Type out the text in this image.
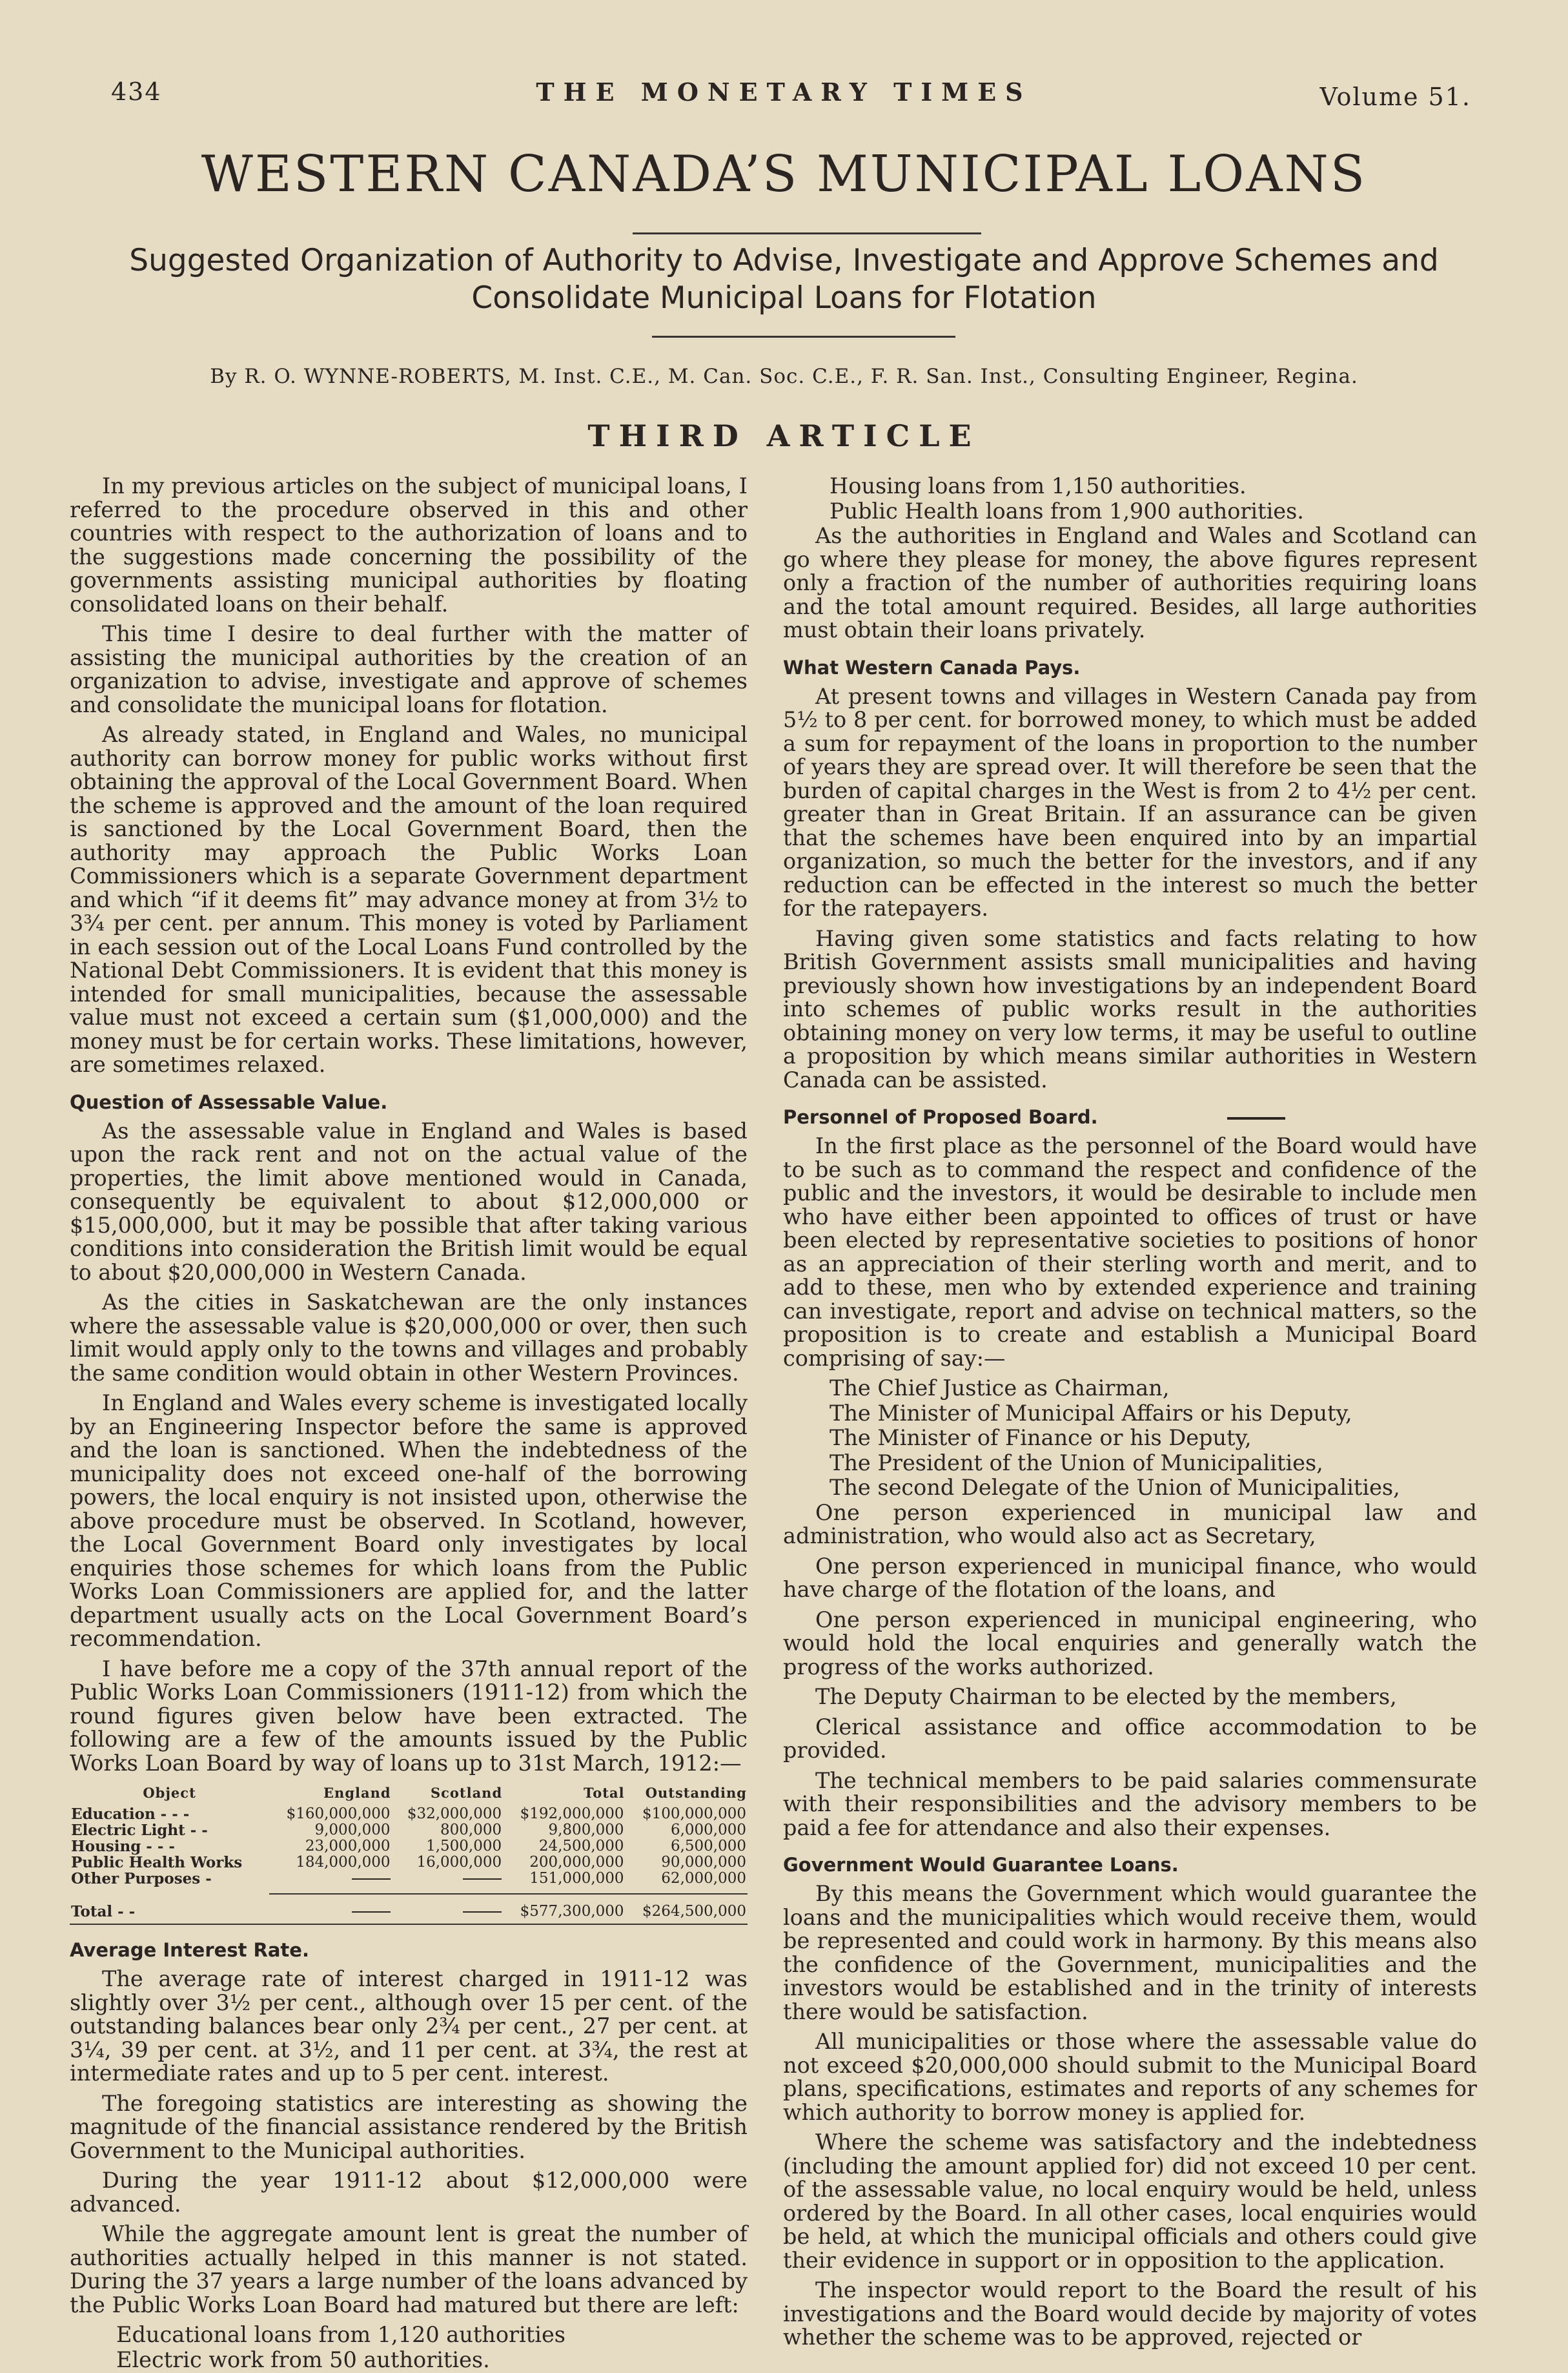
434	THE MONETARY TIMES	Volume 51.
WESTERN CANADA’S MUNICIPAL LOANS
Suggested Organization of Authority to Advise, Investigate and Approve Schemes and
Consolidate Municipal Loans for Flotation
By R. O. WYNNE-ROBERTS, M. Inst. C.E., M. Can. Soc. C.E., F. R. San. Inst., Consulting Engineer, Regina.
THIRD ARTICLE

In my previous articles on the subject of municipal loans, I referred to the procedure observed in this and other countries with respect to the authorization of loans and to the suggestions made concerning the possibility of the governments assisting municipal authorities by floating consolidated loans on their behalf.

This time I desire to deal further with the matter of assisting the municipal authorities by the creation of an organization to advise, investigate and approve of schemes and consolidate the municipal loans for flotation.

As already stated, in England and Wales, no municipal authority can borrow money for public works without first obtaining the approval of the Local Government Board. When the scheme is approved and the amount of the loan required is sanctioned by the Local Government Board, then the authority may approach the Public Works Loan Commissioners which is a separate Government department and which “if it deems fit” may advance money at from 3½ to 3¾ per cent. per annum. This money is voted by Parliament in each session out of the Local Loans Fund controlled by the National Debt Commissioners. It is evident that this money is intended for small municipalities, because the assessable value must not exceed a certain sum ($1,000,000) and the money must be for certain works. These limitations, however, are sometimes relaxed.

Question of Assessable Value.

As the assessable value in England and Wales is based upon the rack rent and not on the actual value of the properties, the limit above mentioned would in Canada, consequently be equivalent to about $12,000,000 or $15,000,000, but it may be possible that after taking various conditions into consideration the British limit would be equal to about $20,000,000 in Western Canada.

As the cities in Saskatchewan are the only instances where the assessable value is $20,000,000 or over, then such limit would apply only to the towns and villages and probably the same condition would obtain in other Western Provinces.

In England and Wales every scheme is investigated locally by an Engineering Inspector before the same is approved and the loan is sanctioned. When the indebtedness of the municipality does not exceed one-half of the borrowing powers, the local enquiry is not insisted upon, otherwise the above procedure must be observed. In Scotland, however, the Local Government Board only investigates by local enquiries those schemes for which loans from the Public Works Loan Commissioners are applied for, and the latter department usually acts on the Local Government Board’s recommendation.

I have before me a copy of the 37th annual report of the Public Works Loan Commissioners (1911-12) from which the round figures given below have been extracted. The following are a few of the amounts issued by the Public Works Loan Board by way of loans up to 31st March, 1912:—

Object	England	Scotland	Total	Outstanding
Education - - -	$160,000,000	$32,000,000	$192,000,000	$100,000,000
Electric Light - -	9,000,000	800,000	9,800,000	6,000,000
Housing - - -	23,000,000	1,500,000	24,500,000	6,500,000
Public Health Works	184,000,000	16,000,000	200,000,000	90,000,000
Other Purposes -			151,000,000	62,000,000

Total - -			$577,300,000	$264,500,000
Average Interest Rate.

The average rate of interest charged in 1911-12 was slightly over 3½ per cent., although over 15 per cent. of the outstanding balances bear only 2¾ per cent., 27 per cent. at 3¼, 39 per cent. at 3½, and 11 per cent. at 3¾, the rest at intermediate rates and up to 5 per cent. interest.

The foregoing statistics are interesting as showing the magnitude of the financial assistance rendered by the British Government to the Municipal authorities.

During the year 1911-12 about $12,000,000 were advanced.

While the aggregate amount lent is great the number of authorities actually helped in this manner is not stated. During the 37 years a large number of the loans advanced by the Public Works Loan Board had matured but there are left:

Educational loans from 1,120 authorities

Electric work from 50 authorities.

Housing loans from 1,150 authorities.

Public Health loans from 1,900 authorities.

As the authorities in England and Wales and Scotland can go where they please for money, the above figures represent only a fraction of the number of authorities requiring loans and the total amount required. Besides, all large authorities must obtain their loans privately.

What Western Canada Pays.

At present towns and villages in Western Canada pay from 5½ to 8 per cent. for borrowed money, to which must be added a sum for repayment of the loans in proportion to the number of years they are spread over. It will therefore be seen that the burden of capital charges in the West is from 2 to 4½ per cent. greater than in Great Britain. If an assurance can be given that the schemes have been enquired into by an impartial organization, so much the better for the investors, and if any reduction can be effected in the interest so much the better for the ratepayers.

Having given some statistics and facts relating to how British Government assists small municipalities and having previously shown how investigations by an independent Board into schemes of public works result in the authorities obtaining money on very low terms, it may be useful to outline a proposition by which means similar authorities in Western Canada can be assisted.

Personnel of Proposed Board.

In the first place as the personnel of the Board would have to be such as to command the respect and confidence of the public and the investors, it would be desirable to include men who have either been appointed to offices of trust or have been elected by representative societies to positions of honor as an appreciation of their sterling worth and merit, and to add to these, men who by extended experience and training can investigate, report and advise on technical matters, so the proposition is to create and establish a Municipal Board comprising of say:—

The Chief Justice as Chairman,

The Minister of Municipal Affairs or his Deputy,

The Minister of Finance or his Deputy,

The President of the Union of Municipalities,

The second Delegate of the Union of Municipalities,

One person experienced in municipal law and administration, who would also act as Secretary,

One person experienced in municipal finance, who would have charge of the flotation of the loans, and

One person experienced in municipal engineering, who would hold the local enquiries and generally watch the progress of the works authorized.

The Deputy Chairman to be elected by the members,

Clerical assistance and office accommodation to be provided.

The technical members to be paid salaries commensurate with their responsibilities and the advisory members to be paid a fee for attendance and also their expenses.

Government Would Guarantee Loans.

By this means the Government which would guarantee the loans and the municipalities which would receive them, would be represented and could work in harmony. By this means also the confidence of the Government, municipalities and the investors would be established and in the trinity of interests there would be satisfaction.

All municipalities or those where the assessable value do not exceed $20,000,000 should submit to the Municipal Board plans, specifications, estimates and reports of any schemes for which authority to borrow money is applied for.

Where the scheme was satisfactory and the indebtedness (including the amount applied for) did not exceed 10 per cent. of the assessable value, no local enquiry would be held, unless ordered by the Board. In all other cases, local enquiries would be held, at which the municipal officials and others could give their evidence in support or in opposition to the application.

The inspector would report to the Board the result of his investigations and the Board would decide by majority of votes whether the scheme was to be approved, rejected or
